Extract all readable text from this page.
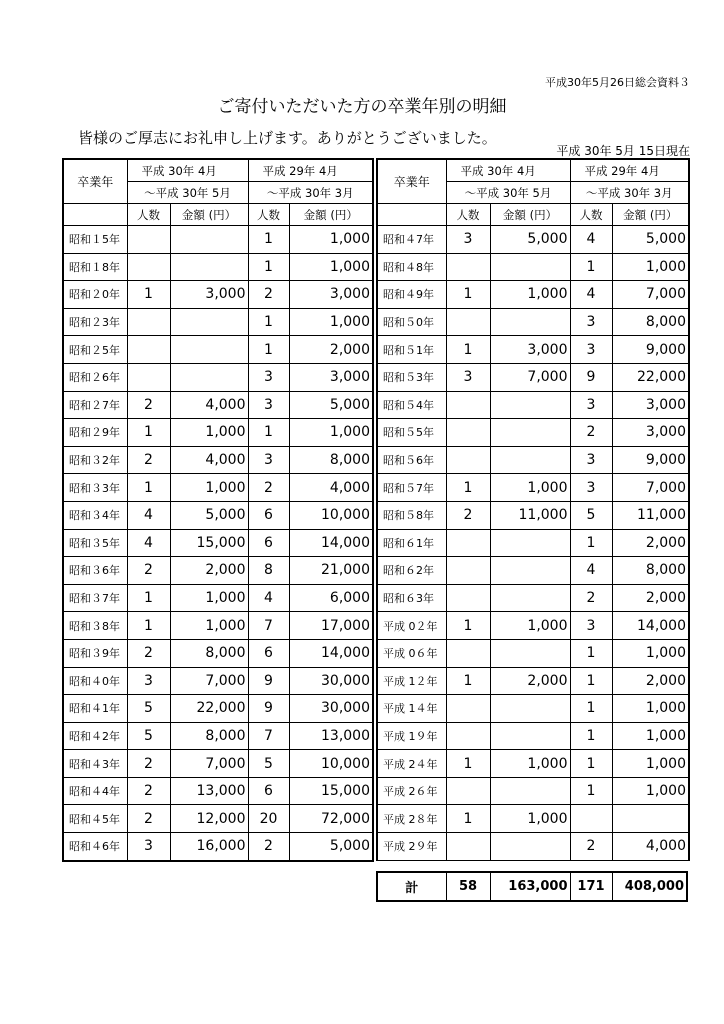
平成30年5月26日総会資料３
ご寄付いただいた方の卒業年別の明細
皆様のご厚志にお礼申し上げます。ありがとうございました。
平成 30年 5月 15日現在
卒業年	平成 30年 4月		平成 29年 4月	
	～平成 30年 5月		～平成 30年 3月	
	人数	金額 (円）	人数	金額 (円）
昭和１5年			1	1,000
昭和１8年			1	1,000
昭和２0年	1	3,000	2	3,000
昭和２3年			1	1,000
昭和２5年			1	2,000
昭和２6年			3	3,000
昭和２7年	2	4,000	3	5,000
昭和２9年	1	1,000	1	1,000
昭和３2年	2	4,000	3	8,000
昭和３3年	1	1,000	2	4,000
昭和３4年	4	5,000	6	10,000
昭和３5年	4	15,000	6	14,000
昭和３6年	2	2,000	8	21,000
昭和３7年	1	1,000	4	6,000
昭和３8年	1	1,000	7	17,000
昭和３9年	2	8,000	6	14,000
昭和４0年	3	7,000	9	30,000
昭和４1年	5	22,000	9	30,000
昭和４2年	5	8,000	7	13,000
昭和４3年	2	7,000	5	10,000
昭和４4年	2	13,000	6	15,000
昭和４5年	2	12,000	20	72,000
昭和４6年	3	16,000	2	5,000
卒業年	平成 30年 4月		平成 29年 4月	
	～平成 30年 5月		～平成 30年 3月	
	人数	金額 (円）	人数	金額 (円）
昭和４7年	3	5,000	4	5,000
昭和４8年			1	1,000
昭和４9年	1	1,000	4	7,000
昭和５0年			3	8,000
昭和５1年	1	3,000	3	9,000
昭和５3年	3	7,000	9	22,000
昭和５4年			3	3,000
昭和５5年			2	3,000
昭和５6年			3	9,000
昭和５7年	1	1,000	3	7,000
昭和５8年	2	11,000	5	11,000
昭和６1年			1	2,000
昭和６2年			4	8,000
昭和６3年			2	2,000
平成 0２年	1	1,000	3	14,000
平成 0６年			1	1,000
平成 1２年	1	2,000	1	2,000
平成 1４年			1	1,000
平成 1９年			1	1,000
平成 2４年	1	1,000	1	1,000
平成 2６年			1	1,000
平成 2８年	1	1,000		
平成 2９年			2	4,000
計	58	163,000	171	408,000
